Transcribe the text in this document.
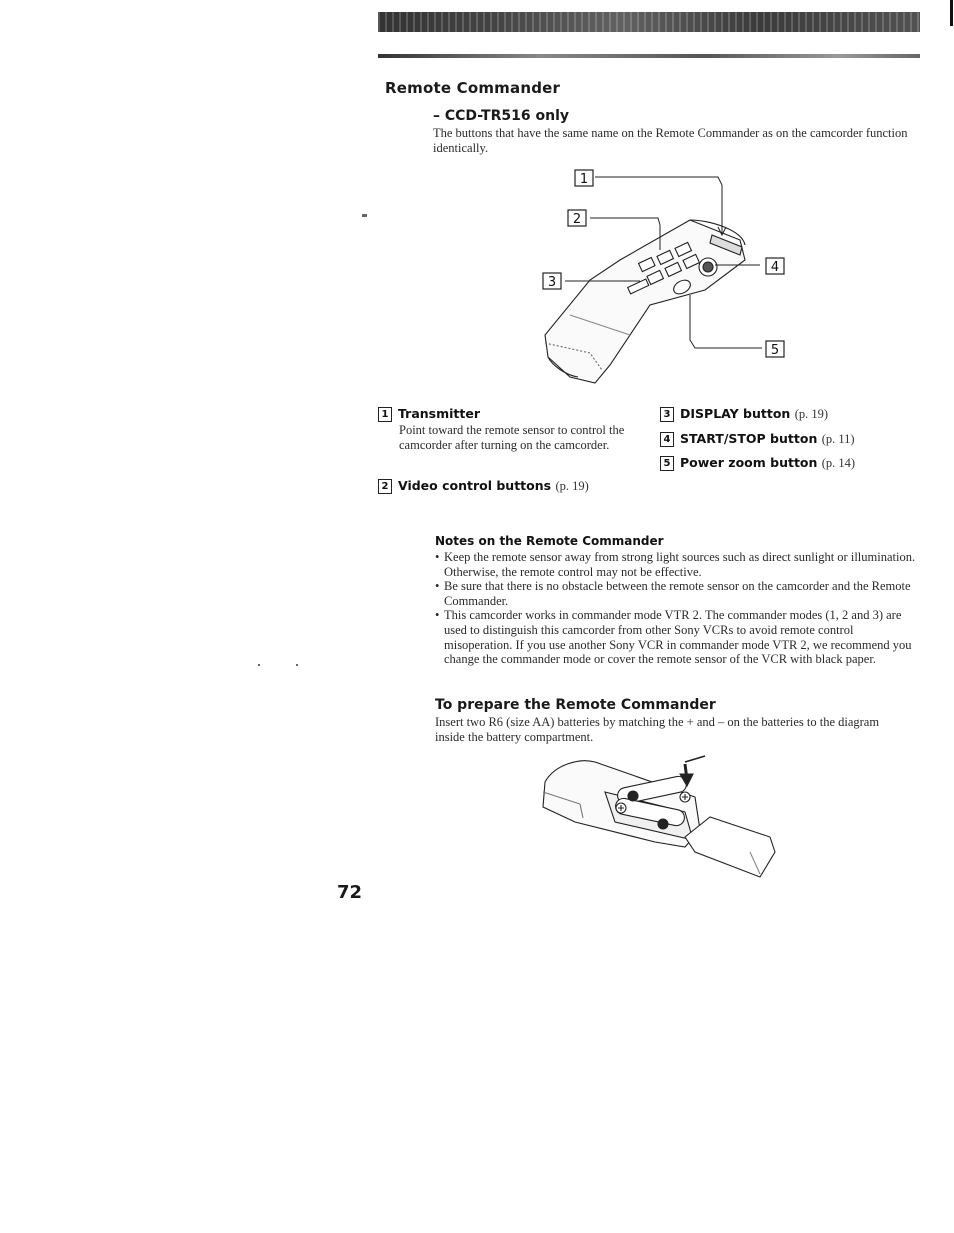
Remote Commander
– CCD-TR516 only
The buttons that have the same name on the Remote Commander as on the camcorder function identically.
1
2
3
4
5
1 Transmitter
Point toward the remote sensor to control the camcorder after turning on the camcorder.
2 Video control buttons (p. 19)
3 DISPLAY button (p. 19)
4 START/STOP button (p. 11)
5 Power zoom button (p. 14)
Notes on the Remote Commander
• Keep the remote sensor away from strong light sources such as direct sunlight or illumination. Otherwise, the remote control may not be effective.
• Be sure that there is no obstacle between the remote sensor on the camcorder and the Remote Commander.
• This camcorder works in commander mode VTR 2. The commander modes (1, 2 and 3) are used to distinguish this camcorder from other Sony VCRs to avoid remote control misoperation. If you use another Sony VCR in commander mode VTR 2, we recommend you change the commander mode or cover the remote sensor of the VCR with black paper.
To prepare the Remote Commander
Insert two R6 (size AA) batteries by matching the + and – on the batteries to the diagram inside the battery compartment.
72
